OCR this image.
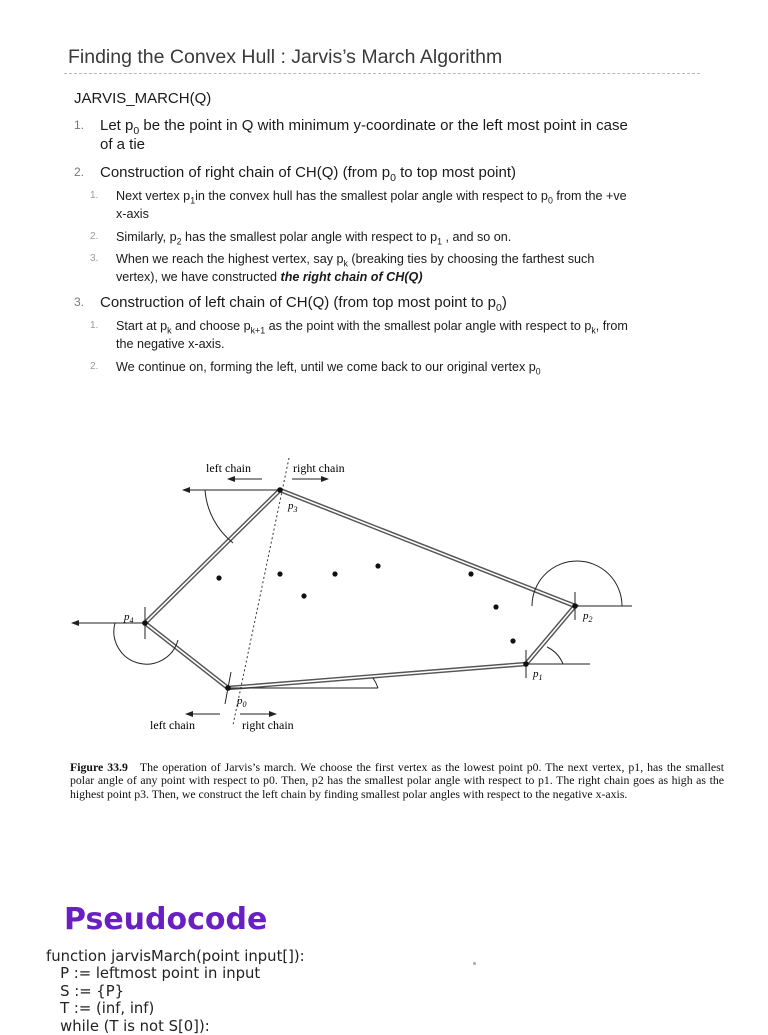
Finding the Convex Hull : Jarvis’s March Algorithm
JARVIS_MARCH(Q)
1. Let $p_0$ be the point in Q with minimum y-coordinate or the left most point in case
of a tie
2. Construction of right chain of CH(Q) (from $p_0$ to top most point)
1. Next vertex $p_1in$ the convex hull has the smallest polar angle with respect to $p_0$ from the +ve
x-axis
2. Similarly, $p_2$ has the smallest polar angle with respect to $p_1$ , and so on.
3. When we reach the highest vertex, say $p_k$ (breaking ties by choosing the farthest such
vertex), we have constructed the right chain of CH(Q)
3. Construction of left chain of CH(Q) (from top most point to $p_0$)
1. Start at $p_k$ and choose $p_{k+1}$ as the point with the smallest polar angle with respect to $p_k$, from
the negative x-axis.
2. We continue on, forming the left, until we come back to our original vertex $p_0$
left chain	right chain
left chain	right chain
$p_3$
$p_4$	$p_2$
$p_1$
$p_0$
Figure 33.9 The operation of Jarvis’s march. We choose the first vertex as the lowest point p0. The next vertex, p1, has the smallest polar angle of any point with respect to p0. Then, p2 has the smallest polar angle with respect to p1. The right chain goes as high as the highest point p3. Then, we construct the left chain by finding smallest polar angles with respect to the negative x-axis.
Pseudocode
function jarvisMarch(point input[]):
P := leftmost point in input
S := {P}
T := (inf, inf)
while (T is not S[0]):
